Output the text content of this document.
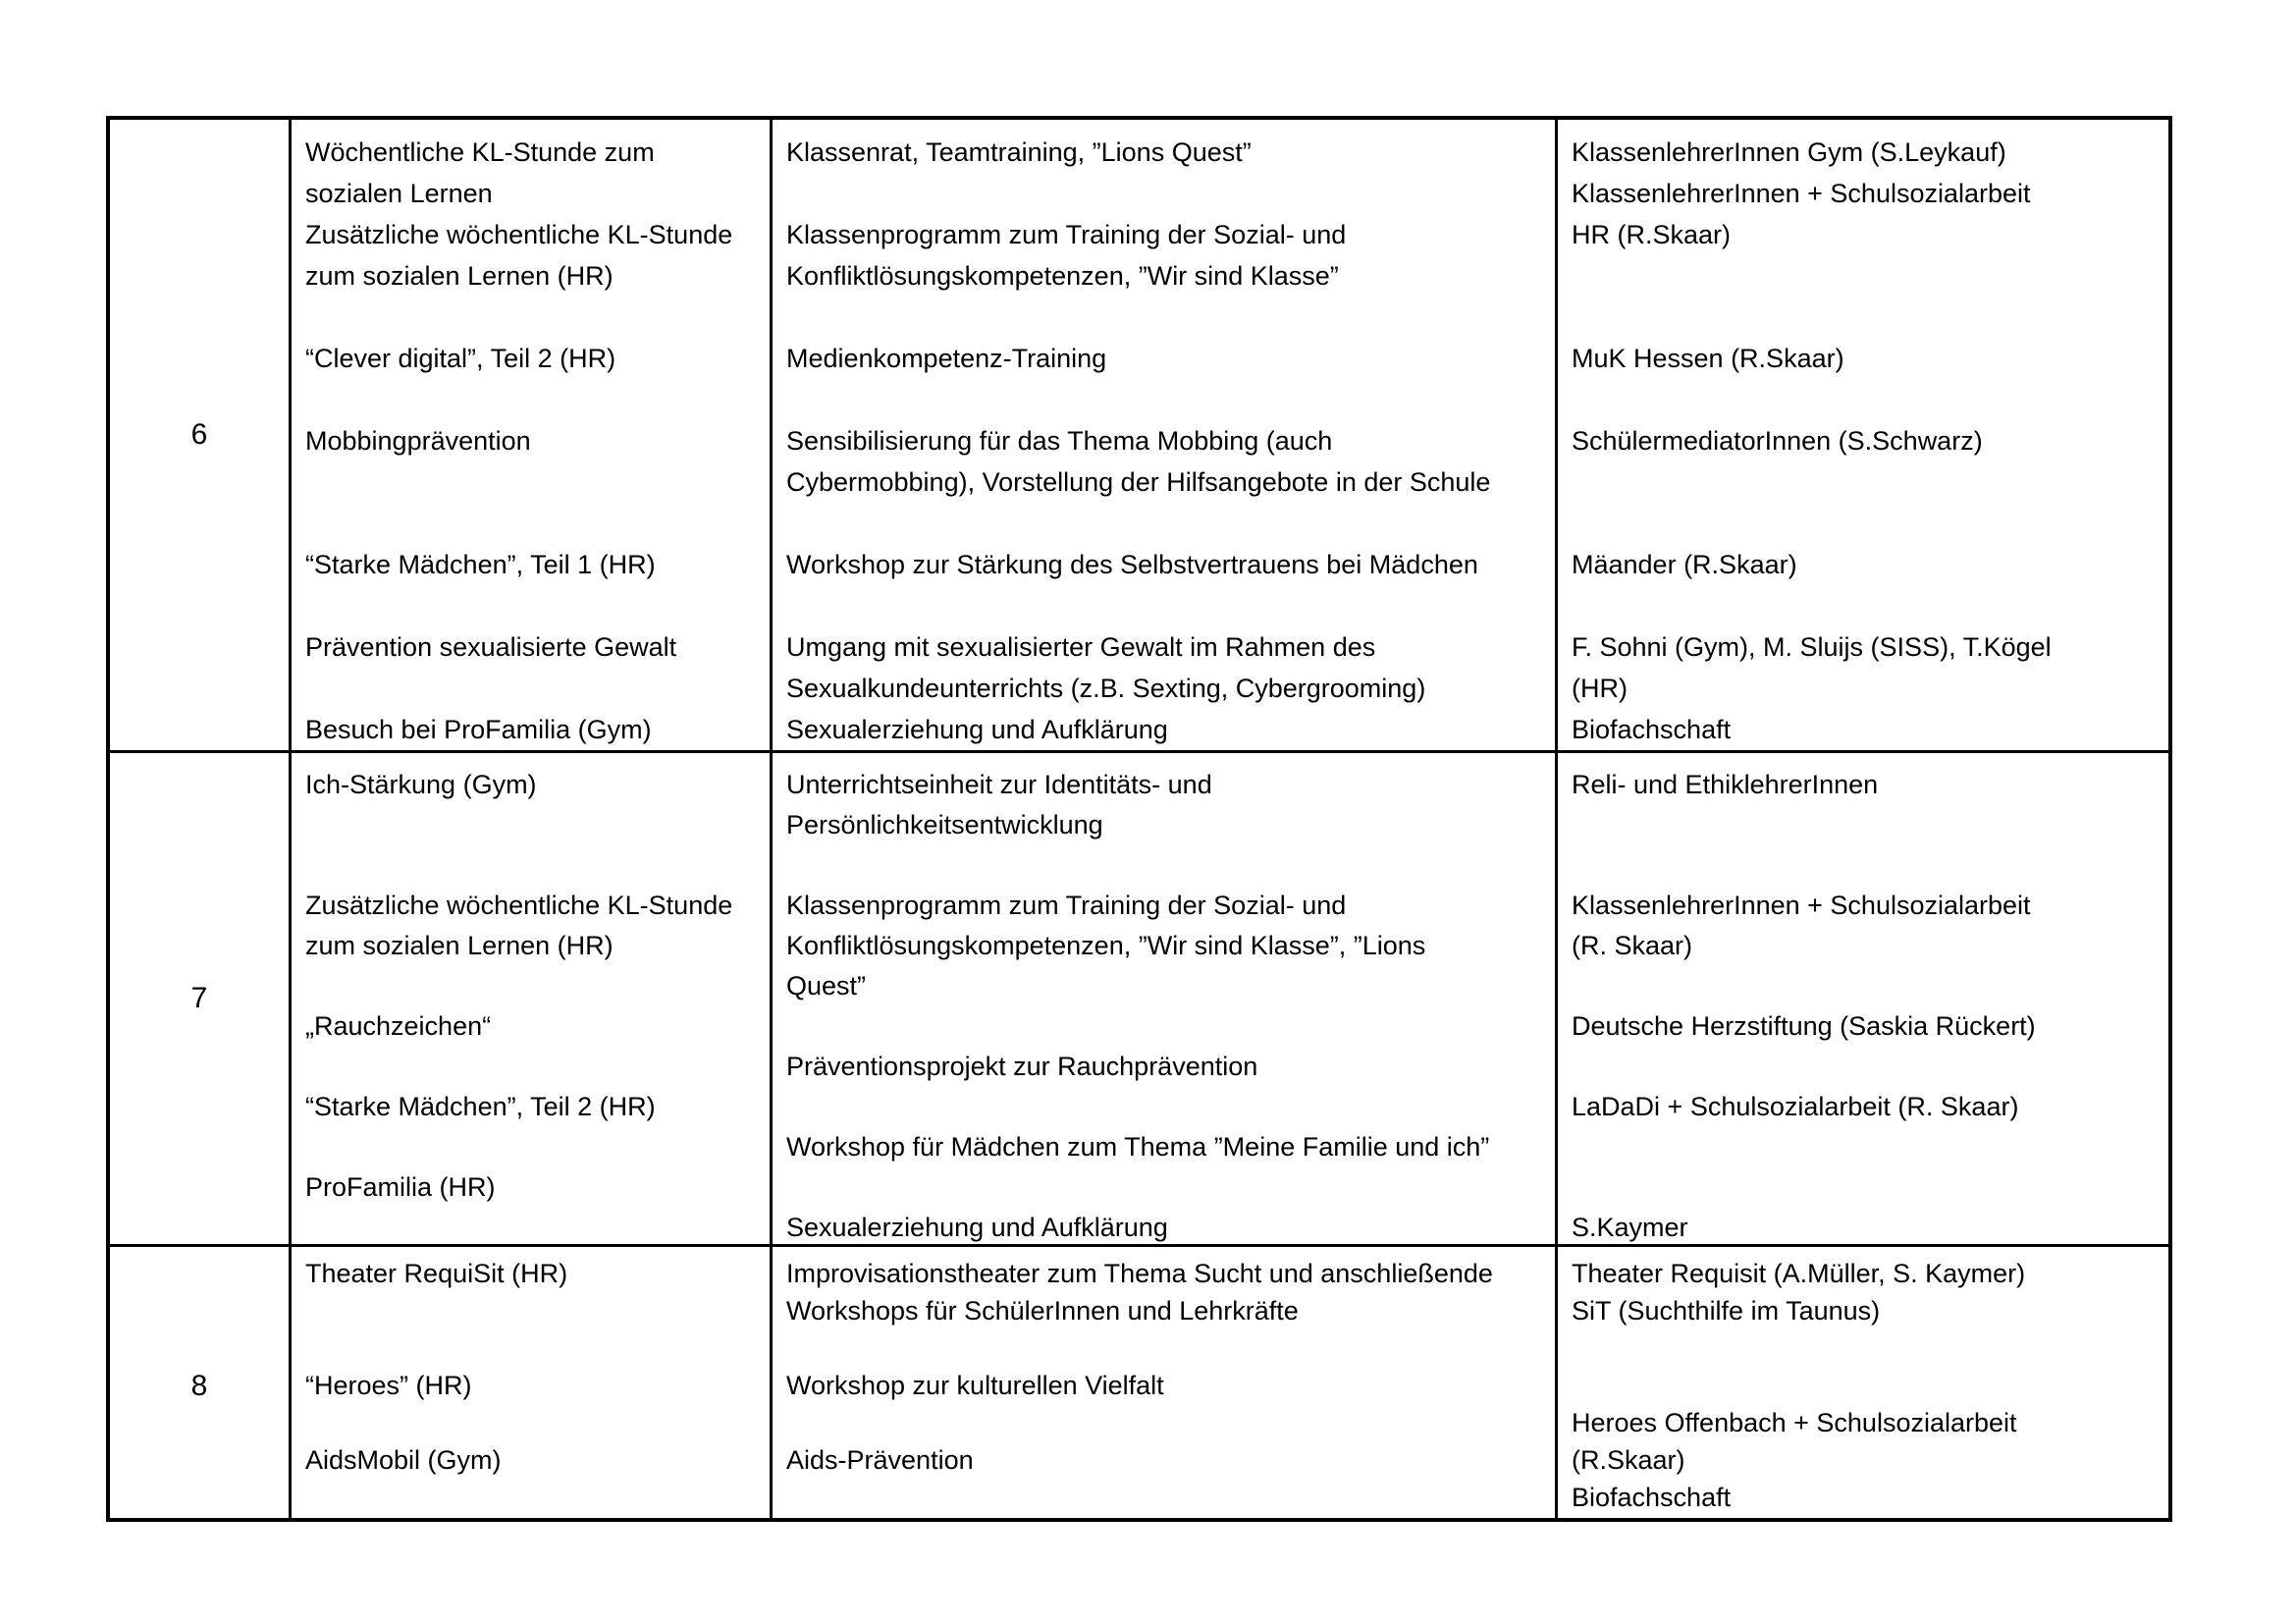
6
Wöchentliche KL-Stunde zum
sozialen Lernen
Zusätzliche wöchentliche KL-Stunde
zum sozialen Lernen (HR)
“Clever digital”, Teil 2 (HR)
Mobbingprävention
“Starke Mädchen”, Teil 1 (HR)
Prävention sexualisierte Gewalt
Besuch bei ProFamilia (Gym)
Klassenrat, Teamtraining, ”Lions Quest”
Klassenprogramm zum Training der Sozial- und
Konfliktlösungskompetenzen, ”Wir sind Klasse”
Medienkompetenz-Training
Sensibilisierung für das Thema Mobbing (auch
Cybermobbing), Vorstellung der Hilfsangebote in der Schule
Workshop zur Stärkung des Selbstvertrauens bei Mädchen
Umgang mit sexualisierter Gewalt im Rahmen des
Sexualkundeunterrichts (z.B. Sexting, Cybergrooming)
Sexualerziehung und Aufklärung
KlassenlehrerInnen Gym (S.Leykauf)
KlassenlehrerInnen + Schulsozialarbeit
HR (R.Skaar)
MuK Hessen (R.Skaar)
SchülermediatorInnen (S.Schwarz)
Mäander (R.Skaar)
F. Sohni (Gym), M. Sluijs (SISS), T.Kögel
(HR)
Biofachschaft
7
Ich-Stärkung (Gym)
Zusätzliche wöchentliche KL-Stunde
zum sozialen Lernen (HR)
„Rauchzeichen“
“Starke Mädchen”, Teil 2 (HR)
ProFamilia (HR)
Unterrichtseinheit zur Identitäts- und
Persönlichkeitsentwicklung
Klassenprogramm zum Training der Sozial- und
Konfliktlösungskompetenzen, ”Wir sind Klasse”, ”Lions
Quest”
Präventionsprojekt zur Rauchprävention
Workshop für Mädchen zum Thema ”Meine Familie und ich”
Sexualerziehung und Aufklärung
Reli- und EthiklehrerInnen
KlassenlehrerInnen + Schulsozialarbeit
(R. Skaar)
Deutsche Herzstiftung (Saskia Rückert)
LaDaDi + Schulsozialarbeit (R. Skaar)
S.Kaymer
8
Theater RequiSit (HR)
“Heroes” (HR)
AidsMobil (Gym)
Improvisationstheater zum Thema Sucht und anschließende
Workshops für SchülerInnen und Lehrkräfte
Workshop zur kulturellen Vielfalt
Aids-Prävention
Theater Requisit (A.Müller, S. Kaymer)
SiT (Suchthilfe im Taunus)
Heroes Offenbach + Schulsozialarbeit
(R.Skaar)
Biofachschaft
